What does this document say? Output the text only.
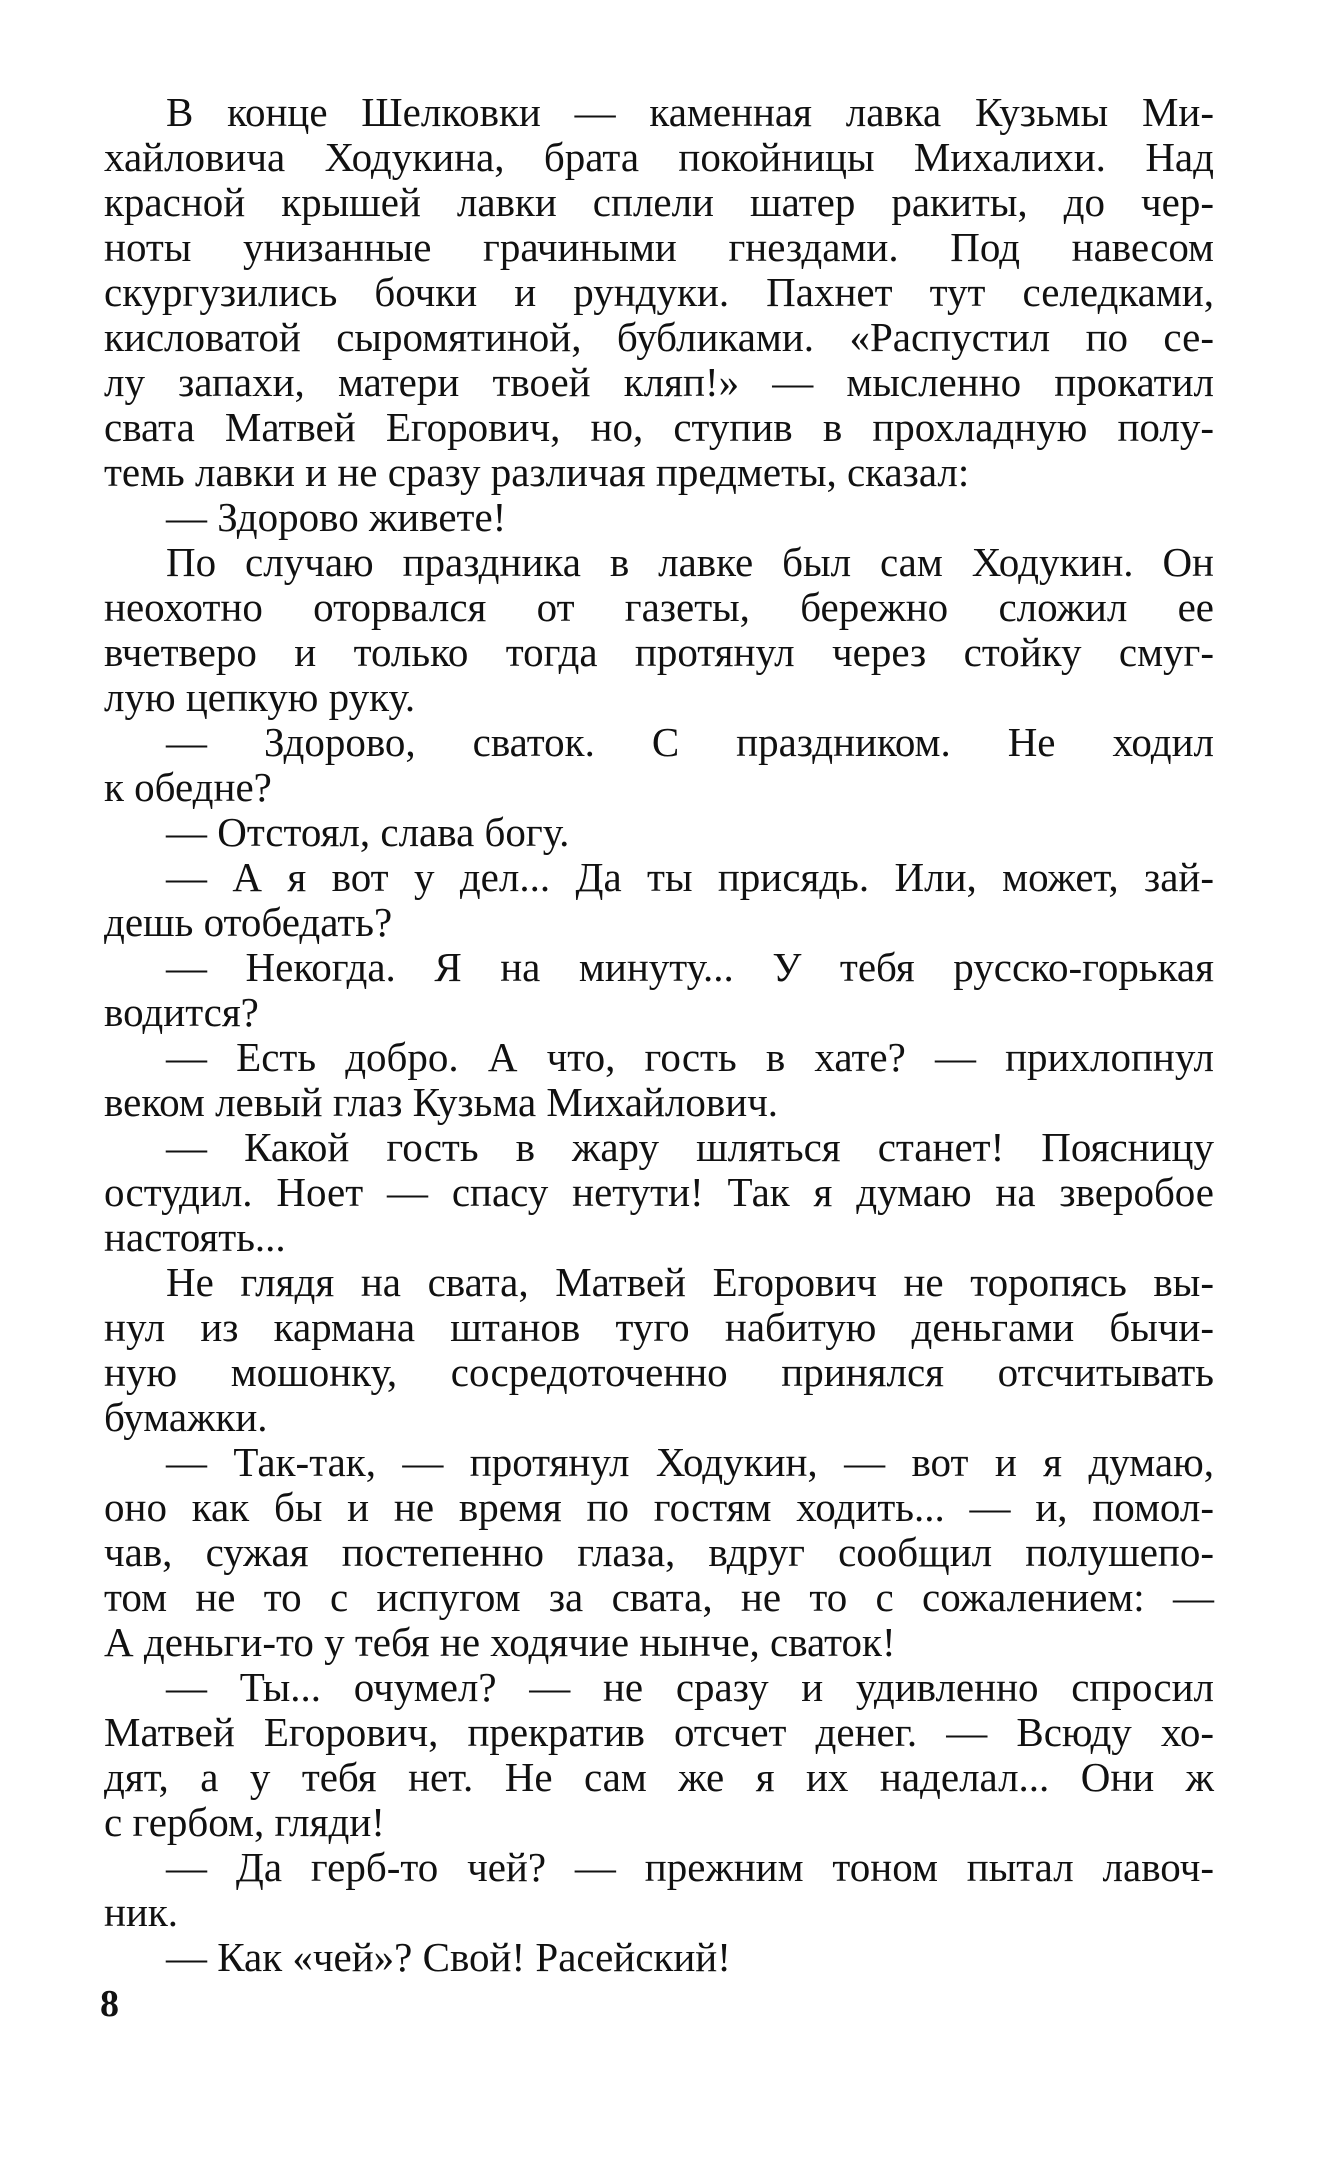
В конце Шелковки — каменная лавка Кузьмы Ми-
хайловича Ходукина, брата покойницы Михалихи. Над
красной крышей лавки сплели шатер ракиты, до чер-
ноты унизанные грачиными гнездами. Под навесом
скургузились бочки и рундуки. Пахнет тут селедками,
кисловатой сыромятиной, бубликами. «Распустил по се-
лу запахи, матери твоей кляп!» — мысленно прокатил
свата Матвей Егорович, но, ступив в прохладную полу-
темь лавки и не сразу различая предметы, сказал:
— Здорово живете!
По случаю праздника в лавке был сам Ходукин. Он
неохотно оторвался от газеты, бережно сложил ее
вчетверо и только тогда протянул через стойку смуг-
лую цепкую руку.
— Здорово, сваток. С праздником. Не ходил
к обедне?
— Отстоял, слава богу.
— А я вот у дел... Да ты присядь. Или, может, зай-
дешь отобедать?
— Некогда. Я на минуту... У тебя русско-горькая
водится?
— Есть добро. А что, гость в хате? — прихлопнул
веком левый глаз Кузьма Михайлович.
— Какой гость в жару шляться станет! Поясницу
остудил. Ноет — спасу нетути! Так я думаю на зверобое
настоять...
Не глядя на свата, Матвей Егорович не торопясь вы-
нул из кармана штанов туго набитую деньгами бычи-
ную мошонку, сосредоточенно принялся отсчитывать
бумажки.
— Так-так, — протянул Ходукин, — вот и я думаю,
оно как бы и не время по гостям ходить... — и, помол-
чав, сужая постепенно глаза, вдруг сообщил полушепо-
том не то с испугом за свата, не то с сожалением: —
А деньги-то у тебя не ходячие нынче, сваток!
— Ты... очумел? — не сразу и удивленно спросил
Матвей Егорович, прекратив отсчет денег. — Всюду хо-
дят, а у тебя нет. Не сам же я их наделал... Они ж
с гербом, гляди!
— Да герб-то чей? — прежним тоном пытал лавоч-
ник.
— Как «чей»? Свой! Расейский!
8
